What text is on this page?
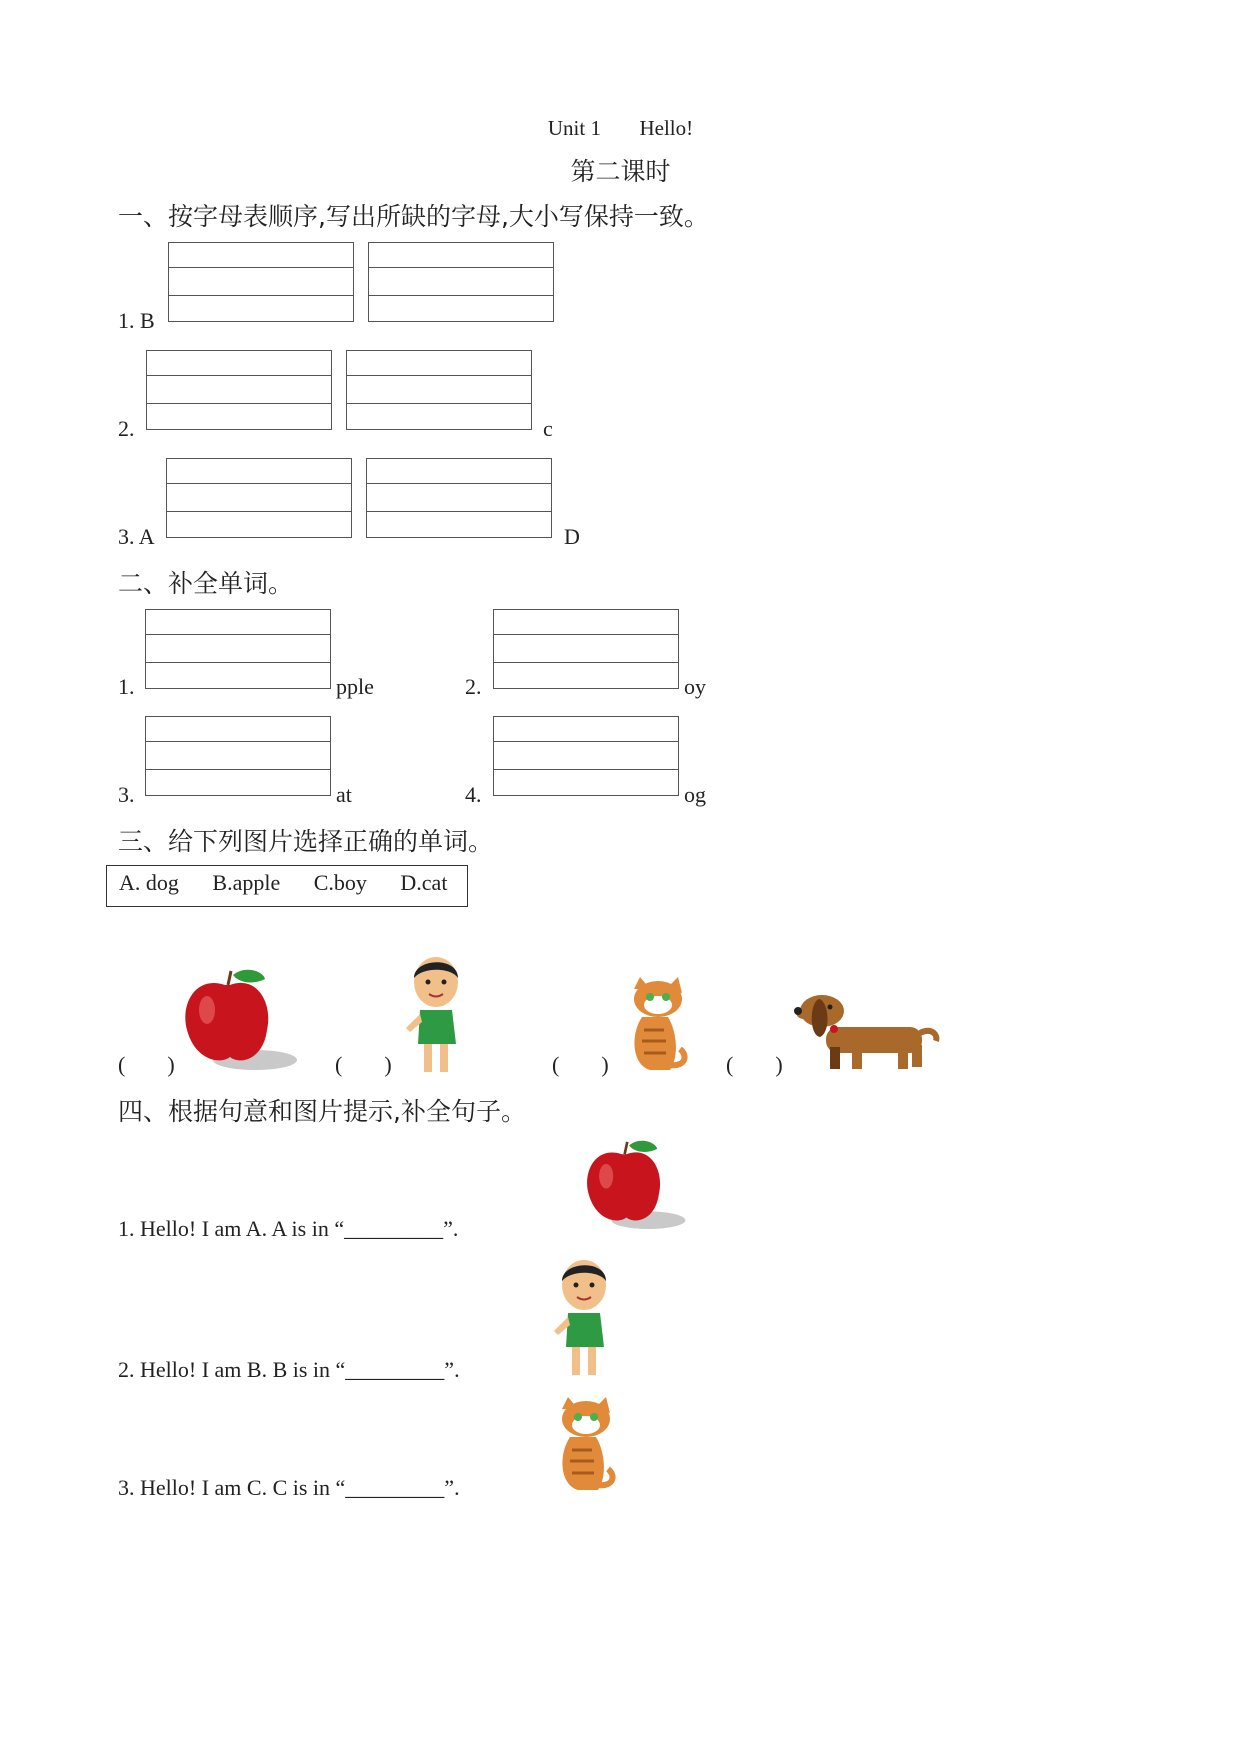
Unit 1 Hello!
第二课时
一、按字母表顺序,写出所缺的字母,大小写保持一致。
1. B
2.	c
3. A	D
二、补全单词。
1.	pple	2.	oy
3.	at	4.	og
三、给下列图片选择正确的单词。
A. dog B.apple C.boy D.cat
( )	( )	( )	( )
四、根据句意和图片提示,补全句子。
1. Hello! I am A. A is in “_________”.
2. Hello! I am B. B is in “_________”.
3. Hello! I am C. C is in “_________”.
